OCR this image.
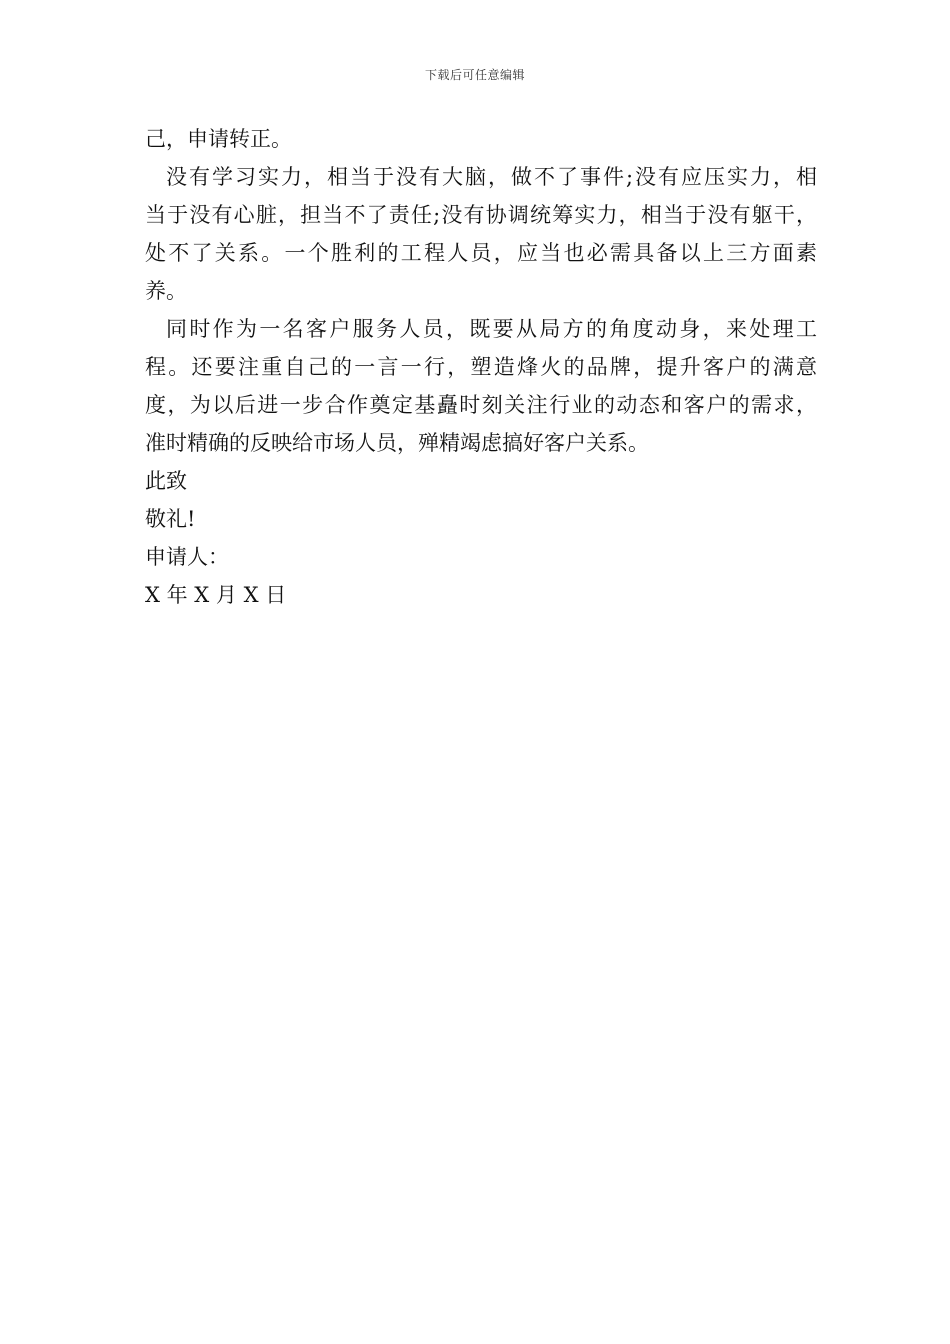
下载后可任意编辑

己，申请转正。

没有学习实力，相当于没有大脑，做不了事件;没有应压实力，相
当于没有心脏，担当不了责任;没有协调统筹实力，相当于没有躯干，
处不了关系。一个胜利的工程人员，应当也必需具备以上三方面素
养。

同时作为一名客户服务人员，既要从局方的角度动身，来处理工
程。还要注重自己的一言一行，塑造烽火的品牌，提升客户的满意
度，为以后进一步合作奠定基矗时刻关注行业的动态和客户的需求，
准时精确的反映给市场人员，殚精竭虑搞好客户关系。

此致
敬礼!
申请人：
X 年 X 月 X 日
